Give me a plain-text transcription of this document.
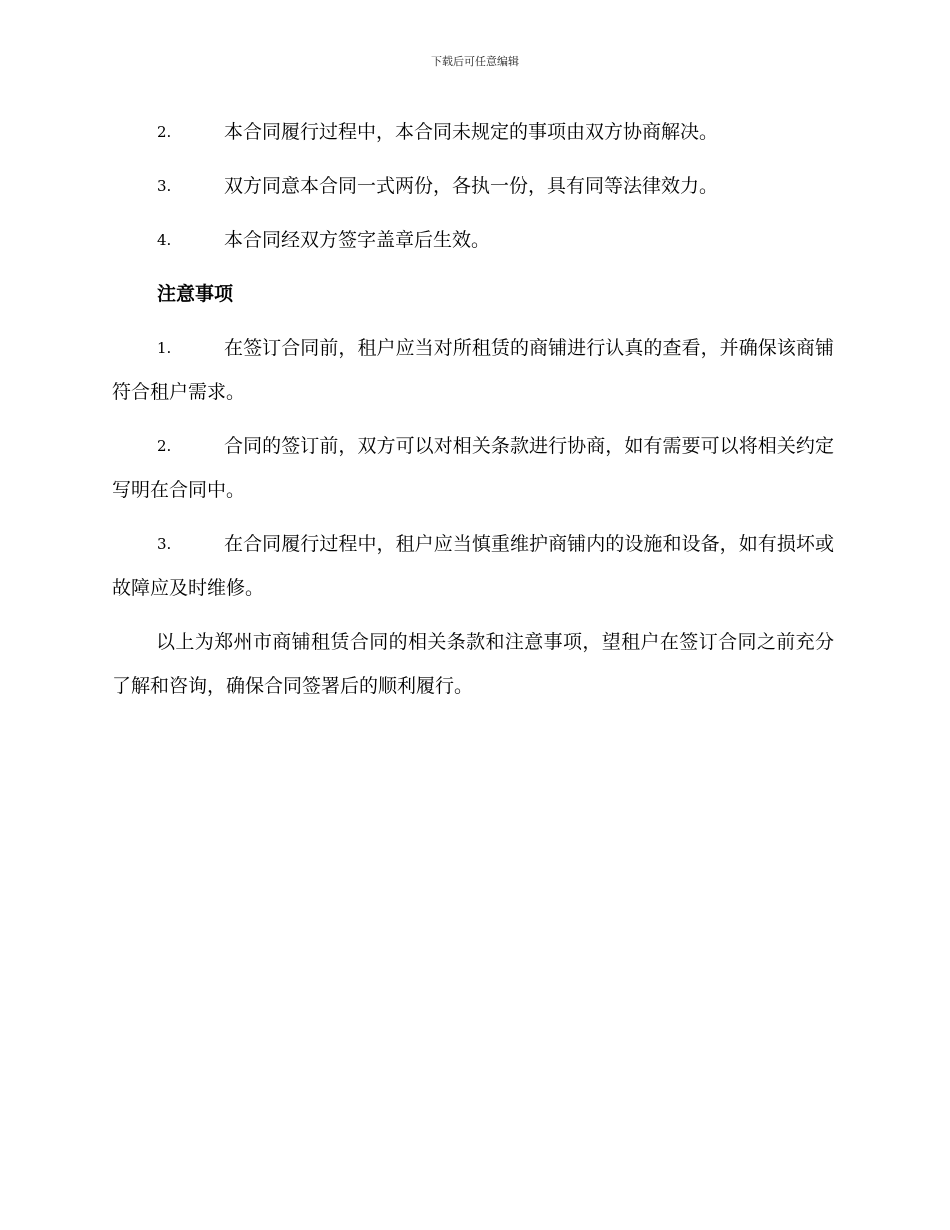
下载后可任意编辑
2.	本合同履行过程中，本合同未规定的事项由双方协商解决。
3.	双方同意本合同一式两份，各执一份，具有同等法律效力。
4.	本合同经双方签字盖章后生效。
注意事项
1.	在签订合同前，租户应当对所租赁的商铺进行认真的查看，并确保该商铺符合租户需求。
2.	合同的签订前，双方可以对相关条款进行协商，如有需要可以将相关约定写明在合同中。
3.	在合同履行过程中，租户应当慎重维护商铺内的设施和设备，如有损坏或故障应及时维修。

以上为郑州市商铺租赁合同的相关条款和注意事项，望租户在签订合同之前充分了解和咨询，确保合同签署后的顺利履行。
